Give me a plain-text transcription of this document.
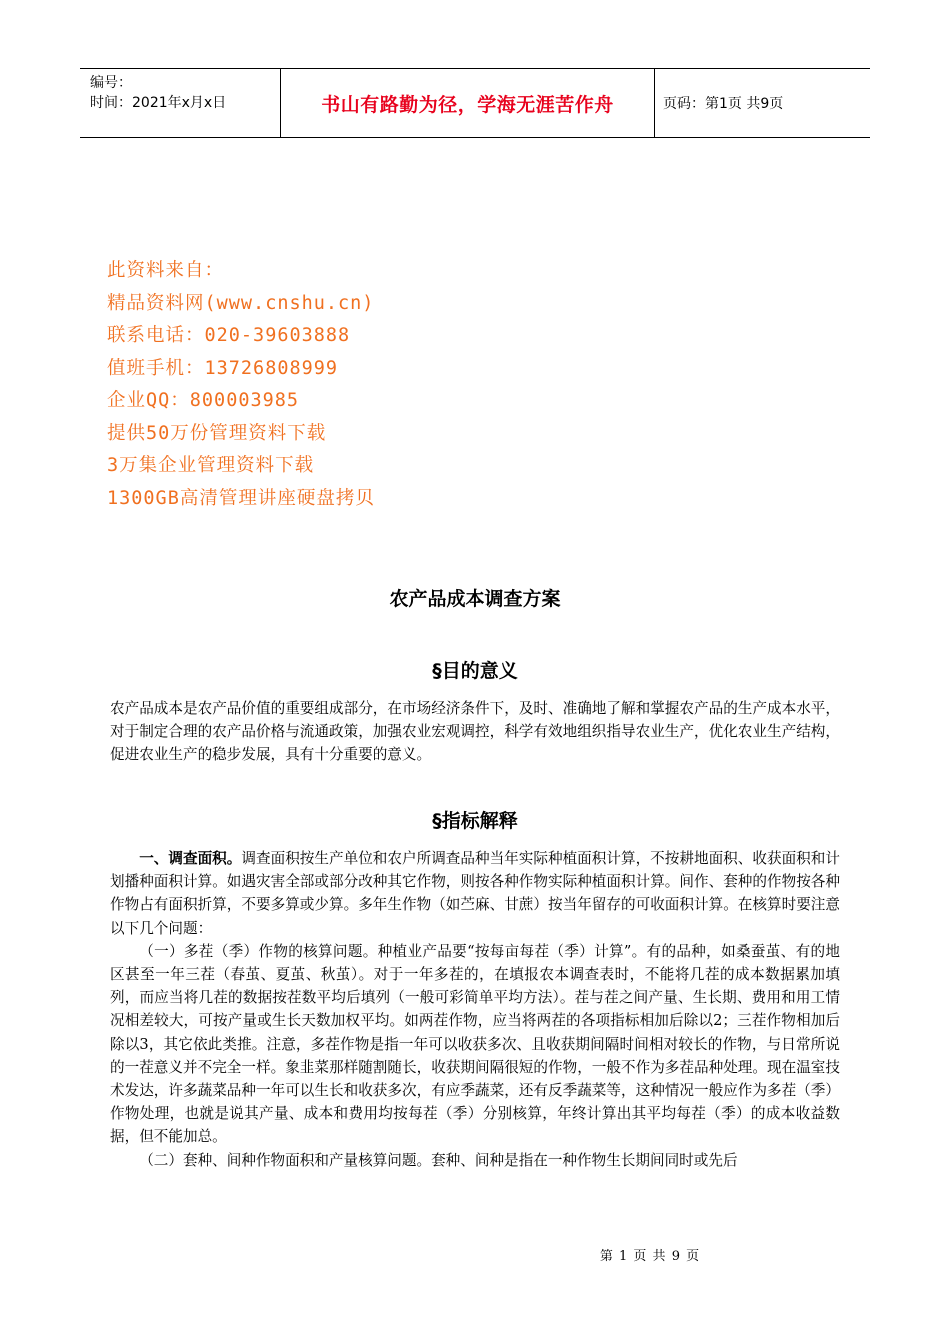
编号：
时间：2021年x月x日	书山有路勤为径，学海无涯苦作舟	页码：第1页 共9页
此资料来自：
精品资料网(www.cnshu.cn)
联系电话：020-39603888
值班手机：13726808999
企业QQ：800003985
提供50万份管理资料下载
3万集企业管理资料下载
1300GB高清管理讲座硬盘拷贝
农产品成本调查方案
§目的意义

农产品成本是农产品价值的重要组成部分，在市场经济条件下，及时、准确地了解和掌握农产品的生产成本水平，对于制定合理的农产品价格与流通政策，加强农业宏观调控，科学有效地组织指导农业生产，优化农业生产结构，促进农业生产的稳步发展，具有十分重要的意义。

§指标解释

一、调查面积。调查面积按生产单位和农户所调查品种当年实际种植面积计算，不按耕地面积、收获面积和计划播种面积计算。如遇灾害全部或部分改种其它作物，则按各种作物实际种植面积计算。间作、套种的作物按各种作物占有面积折算，不要多算或少算。多年生作物（如苎麻、甘蔗）按当年留存的可收面积计算。在核算时要注意以下几个问题：

（一）多茬（季）作物的核算问题。种植业产品要“按每亩每茬（季）计算”。有的品种，如桑蚕茧、有的地区甚至一年三茬（春茧、夏茧、秋茧）。对于一年多茬的，在填报农本调查表时，不能将几茬的成本数据累加填列，而应当将几茬的数据按茬数平均后填列（一般可彩简单平均方法）。茬与茬之间产量、生长期、费用和用工情况相差较大，可按产量或生长天数加权平均。如两茬作物，应当将两茬的各项指标相加后除以2；三茬作物相加后除以3，其它依此类推。注意，多茬作物是指一年可以收获多次、且收获期间隔时间相对较长的作物，与日常所说的一茬意义并不完全一样。象韭菜那样随割随长，收获期间隔很短的作物，一般不作为多茬品种处理。现在温室技术发达，许多蔬菜品种一年可以生长和收获多次，有应季蔬菜，还有反季蔬菜等，这种情况一般应作为多茬（季）作物处理，也就是说其产量、成本和费用均按每茬（季）分别核算，年终计算出其平均每茬（季）的成本收益数据，但不能加总。

（二）套种、间种作物面积和产量核算问题。套种、间种是指在一种作物生长期间同时或先后

第 1 页 共 9 页
